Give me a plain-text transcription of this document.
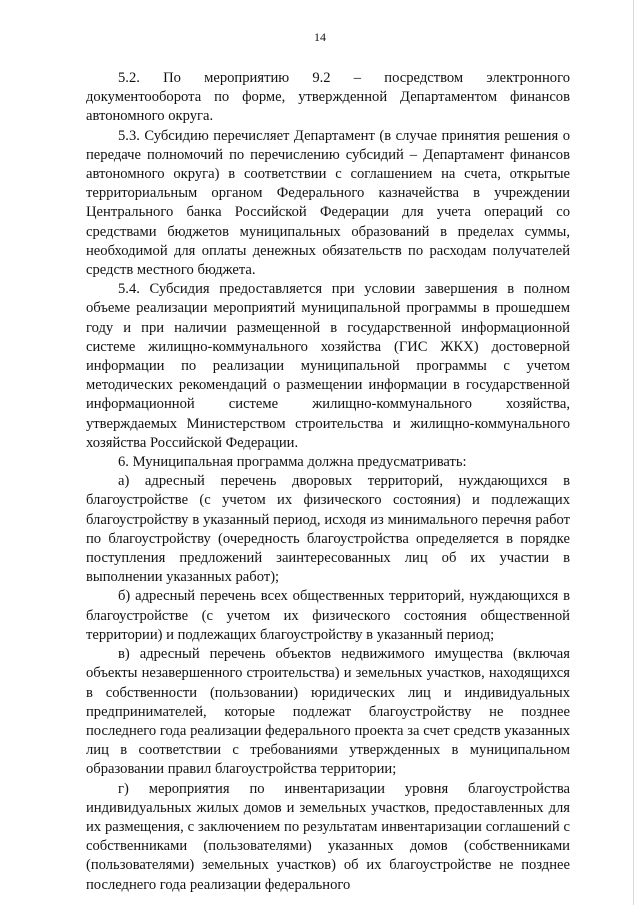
14

5.2. По мероприятию 9.2 – посредством электронного документооборота по форме, утвержденной Департаментом финансов автономного округа.

5.3. Субсидию перечисляет Департамент (в случае принятия решения о передаче полномочий по перечислению субсидий – Департамент финансов автономного округа) в соответствии с соглашением на счета, открытые территориальным органом Федерального казначейства в учреждении Центрального банка Российской Федерации для учета операций со средствами бюджетов муниципальных образований в пределах суммы, необходимой для оплаты денежных обязательств по расходам получателей средств местного бюджета.

5.4. Субсидия предоставляется при условии завершения в полном объеме реализации мероприятий муниципальной программы в прошедшем году и при наличии размещенной в государственной информационной системе жилищно-коммунального хозяйства (ГИС ЖКХ) достоверной информации по реализации муниципальной программы с учетом методических рекомендаций о размещении информации в государственной информационной системе жилищно-коммунального хозяйства, утверждаемых Министерством строительства и жилищно-коммунального хозяйства Российской Федерации.

6. Муниципальная программа должна предусматривать:

а) адресный перечень дворовых территорий, нуждающихся в благоустройстве (с учетом их физического состояния) и подлежащих благоустройству в указанный период, исходя из минимального перечня работ по благоустройству (очередность благоустройства определяется в порядке поступления предложений заинтересованных лиц об их участии в выполнении указанных работ);

б) адресный перечень всех общественных территорий, нуждающихся в благоустройстве (с учетом их физического состояния общественной территории) и подлежащих благоустройству в указанный период;

в) адресный перечень объектов недвижимого имущества (включая объекты незавершенного строительства) и земельных участков, находящихся в собственности (пользовании) юридических лиц и индивидуальных предпринимателей, которые подлежат благоустройству не позднее последнего года реализации федерального проекта за счет средств указанных лиц в соответствии с требованиями утвержденных в муниципальном образовании правил благоустройства территории;

г) мероприятия по инвентаризации уровня благоустройства индивидуальных жилых домов и земельных участков, предоставленных для их размещения, с заключением по результатам инвентаризации соглашений с собственниками (пользователями) указанных домов (собственниками (пользователями) земельных участков) об их благоустройстве не позднее последнего года реализации федерального
